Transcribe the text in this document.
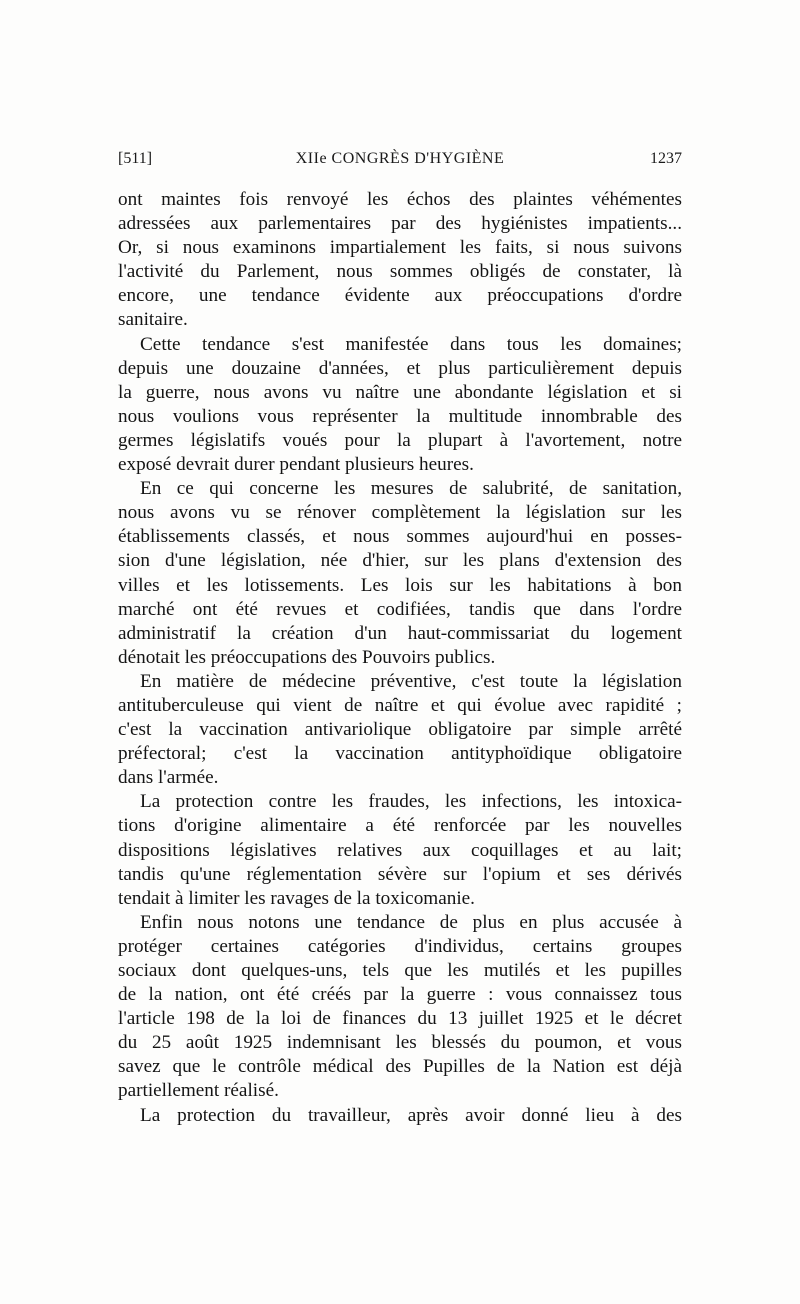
[511]	XIIe CONGRÈS D'HYGIÈNE	1237
ont maintes fois renvoyé les échos des plaintes véhémentes
adressées aux parlementaires par des hygiénistes impatients...
Or, si nous examinons impartialement les faits, si nous suivons
l'activité du Parlement, nous sommes obligés de constater, là
encore, une tendance évidente aux préoccupations d'ordre
sanitaire.
Cette tendance s'est manifestée dans tous les domaines;
depuis une douzaine d'années, et plus particulièrement depuis
la guerre, nous avons vu naître une abondante législation et si
nous voulions vous représenter la multitude innombrable des
germes législatifs voués pour la plupart à l'avortement, notre
exposé devrait durer pendant plusieurs heures.
En ce qui concerne les mesures de salubrité, de sanitation,
nous avons vu se rénover complètement la législation sur les
établissements classés, et nous sommes aujourd'hui en posses-
sion d'une législation, née d'hier, sur les plans d'extension des
villes et les lotissements. Les lois sur les habitations à bon
marché ont été revues et codifiées, tandis que dans l'ordre
administratif la création d'un haut-commissariat du logement
dénotait les préoccupations des Pouvoirs publics.
En matière de médecine préventive, c'est toute la législation
antituberculeuse qui vient de naître et qui évolue avec rapidité ;
c'est la vaccination antivariolique obligatoire par simple arrêté
préfectoral; c'est la vaccination antityphoïdique obligatoire
dans l'armée.
La protection contre les fraudes, les infections, les intoxica-
tions d'origine alimentaire a été renforcée par les nouvelles
dispositions législatives relatives aux coquillages et au lait;
tandis qu'une réglementation sévère sur l'opium et ses dérivés
tendait à limiter les ravages de la toxicomanie.
Enfin nous notons une tendance de plus en plus accusée à
protéger certaines catégories d'individus, certains groupes
sociaux dont quelques-uns, tels que les mutilés et les pupilles
de la nation, ont été créés par la guerre : vous connaissez tous
l'article 198 de la loi de finances du 13 juillet 1925 et le décret
du 25 août 1925 indemnisant les blessés du poumon, et vous
savez que le contrôle médical des Pupilles de la Nation est déjà
partiellement réalisé.
La protection du travailleur, après avoir donné lieu à des
